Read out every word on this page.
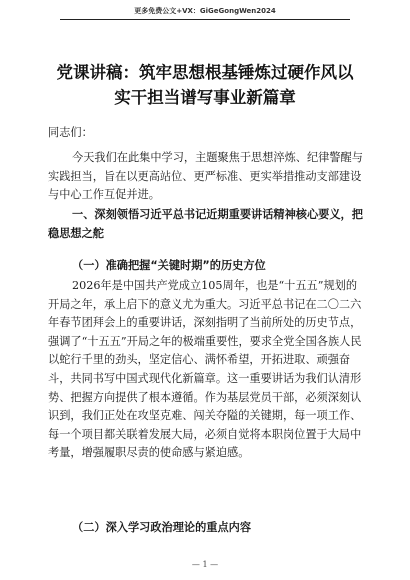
更多免费公文+VX：GiGeGongWen2024
党课讲稿：筑牢思想根基锤炼过硬作风以
实干担当谱写事业新篇章
同志们：
今天我们在此集中学习，主题聚焦于思想淬炼、纪律警醒与实践担当，旨在以更高站位、更严标准、更实举措推动支部建设与中心工作互促并进。
一、深刻领悟习近平总书记近期重要讲话精神核心要义，把稳思想之舵
（一）准确把握“关键时期”的历史方位
2026年是中国共产党成立105周年，也是“十五五”规划的开局之年，承上启下的意义尤为重大。习近平总书记在二〇二六年春节团拜会上的重要讲话，深刻指明了当前所处的历史节点，强调了“十五五”开局之年的极端重要性，要求全党全国各族人民以蛇行千里的劲头，坚定信心、满怀希望，开拓进取、顽强奋斗，共同书写中国式现代化新篇章。这一重要讲话为我们认清形势、把握方向提供了根本遵循。作为基层党员干部，必须深刻认识到，我们正处在攻坚克难、闯关夺隘的关键期，每一项工作、每一个项目都关联着发展大局，必须自觉将本职岗位置于大局中考量，增强履职尽责的使命感与紧迫感。
（二）深入学习政治理论的重点内容
— 1 —
